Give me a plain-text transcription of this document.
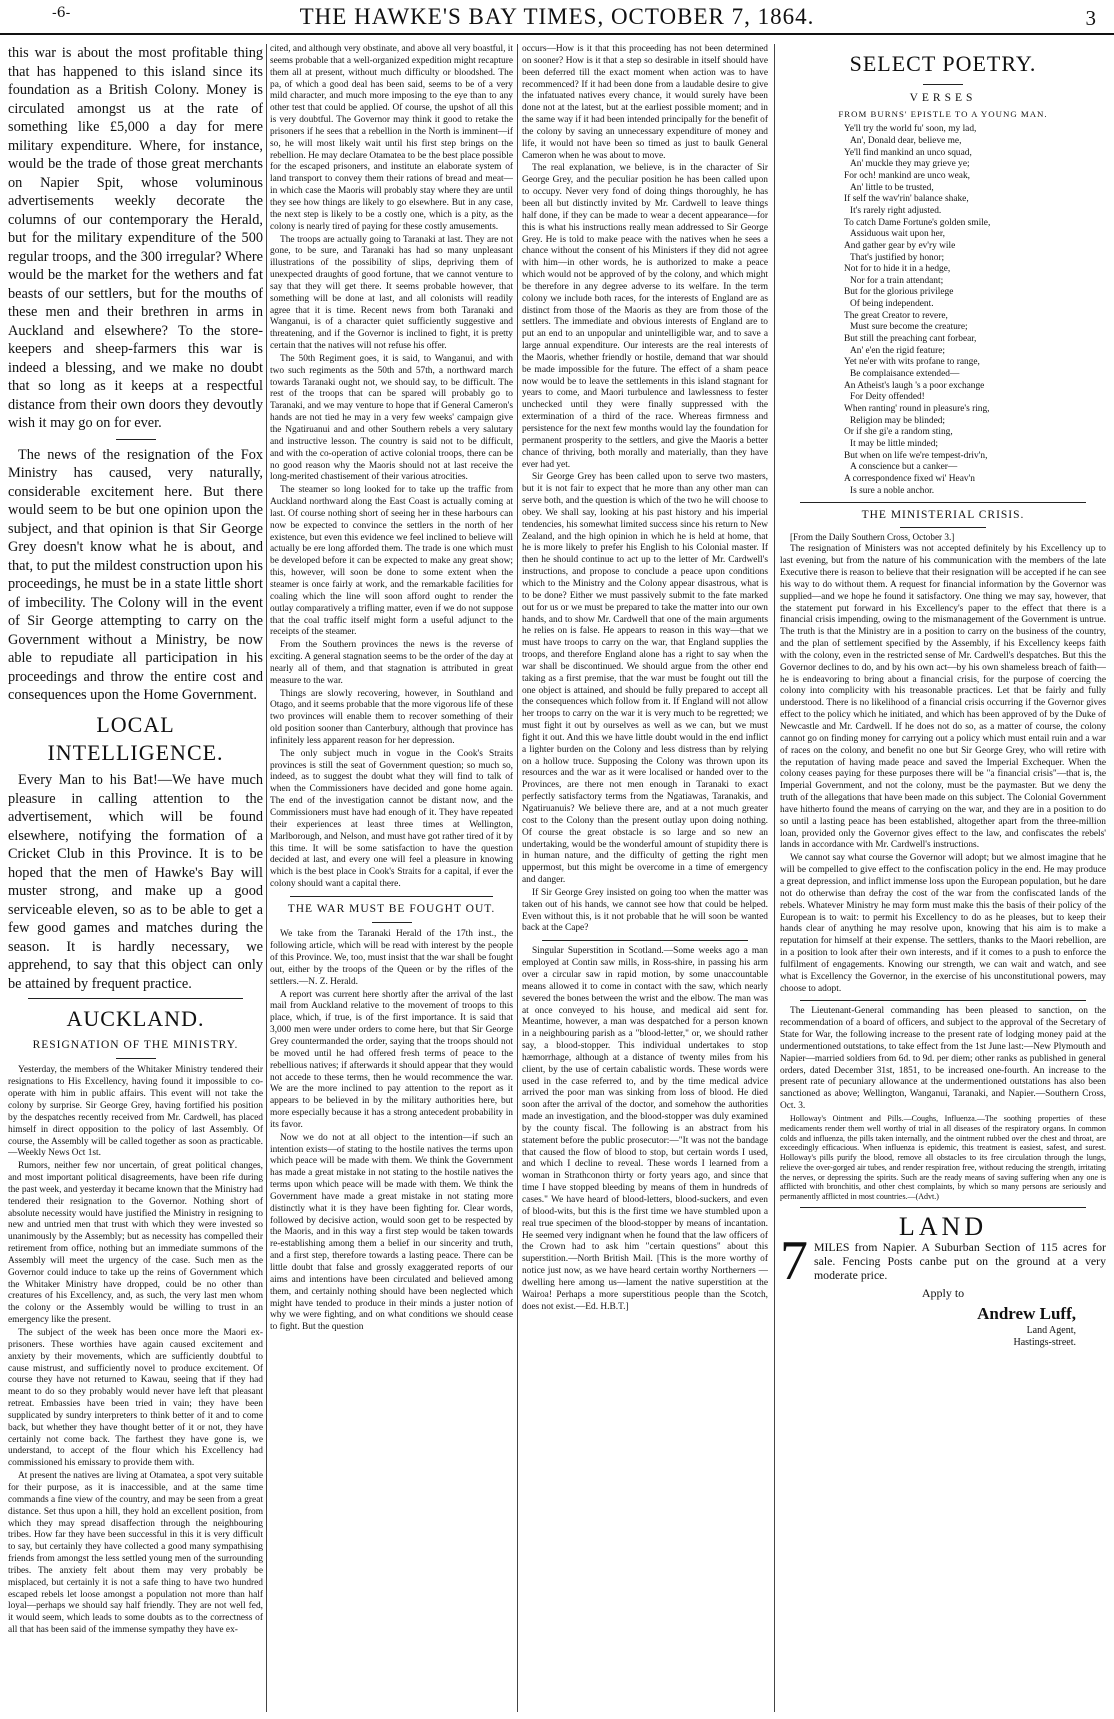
-6-	THE HAWKE'S BAY TIMES, OCTOBER 7, 1864.	3

this war is about the most profitable thing that has happened to this island since its foundation as a British Colony. Money is circulated amongst us at the rate of something like £5,000 a day for mere military expenditure. Where, for instance, would be the trade of those great merchants on Napier Spit, whose voluminous advertisements weekly decorate the columns of our contemporary the Herald, but for the military expenditure of the 500 regular troops, and the 300 irregular? Where would be the market for the wethers and fat beasts of our settlers, but for the mouths of these men and their brethren in arms in Auckland and elsewhere? To the store-keepers and sheep-farmers this war is indeed a blessing, and we make no doubt that so long as it keeps at a respectful distance from their own doors they devoutly wish it may go on for ever.

The news of the resignation of the Fox Ministry has caused, very naturally, considerable excitement here. But there would seem to be but one opinion upon the subject, and that opinion is that Sir George Grey doesn't know what he is about, and that, to put the mildest construction upon his proceedings, he must be in a state little short of imbecility. The Colony will in the event of Sir George attempting to carry on the Government without a Ministry, be now able to repudiate all participation in his proceedings and throw the entire cost and consequences upon the Home Government.

LOCAL INTELLIGENCE.

Every Man to his Bat!—We have much pleasure in calling attention to the advertisement, which will be found elsewhere, notifying the formation of a Cricket Club in this Province. It is to be hoped that the men of Hawke's Bay will muster strong, and make up a good serviceable eleven, so as to be able to get a few good games and matches during the season. It is hardly necessary, we apprehend, to say that this object can only be attained by frequent practice.

AUCKLAND.
RESIGNATION OF THE MINISTRY.

Yesterday, the members of the Whitaker Ministry tendered their resignations to His Excellency, having found it impossible to co-operate with him in public affairs. This event will not take the colony by surprise. Sir George Grey, having fortified his position by the despatches recently received from Mr. Cardwell, has placed himself in direct opposition to the policy of last Assembly. Of course, the Assembly will be called together as soon as practicable.—Weekly News Oct 1st.

Rumors, neither few nor uncertain, of great political changes, and most important political disagreements, have been rife during the past week, and yesterday it became known that the Ministry had tendered their resignation to the Governor. Nothing short of absolute necessity would have justified the Ministry in resigning to new and untried men that trust with which they were invested so unanimously by the Assembly; but as necessity has compelled their retirement from office, nothing but an immediate summons of the Assembly will meet the urgency of the case. Such men as the Governor could induce to take up the reins of Government which the Whitaker Ministry have dropped, could be no other than creatures of his Excellency, and, as such, the very last men whom the colony or the Assembly would be willing to trust in an emergency like the present.

The subject of the week has been once more the Maori ex-prisoners. These worthies have again caused excitement and anxiety by their movements, which are sufficiently doubtful to cause mistrust, and sufficiently novel to produce excitement. Of course they have not returned to Kawau, seeing that if they had meant to do so they probably would never have left that pleasant retreat. Embassies have been tried in vain; they have been supplicated by sundry interpreters to think better of it and to come back, but whether they have thought better of it or not, they have certainly not come back. The farthest they have gone is, we understand, to accept of the flour which his Excellency had commissioned his emissary to provide them with.

At present the natives are living at Otamatea, a spot very suitable for their purpose, as it is inaccessible, and at the same time commands a fine view of the country, and may be seen from a great distance. Set thus upon a hill, they hold an excellent position, from which they may spread disaffection through the neighbouring tribes. How far they have been successful in this it is very difficult to say, but certainly they have collected a good many sympathising friends from amongst the less settled young men of the surrounding tribes. The anxiety felt about them may very probably be misplaced, but certainly it is not a safe thing to have two hundred escaped rebels let loose amongst a population not more than half loyal—perhaps we should say half friendly. They are not well fed, it would seem, which leads to some doubts as to the correctness of all that has been said of the immense sympathy they have ex-

cited, and although very obstinate, and above all very boastful, it seems probable that a well-organized expedition might recapture them all at present, without much difficulty or bloodshed. The pa, of which a good deal has been said, seems to be of a very mild character, and much more imposing to the eye than to any other test that could be applied. Of course, the upshot of all this is very doubtful. The Governor may think it good to retake the prisoners if he sees that a rebellion in the North is imminent—if so, he will most likely wait until his first step brings on the rebellion. He may declare Otamatea to be the best place possible for the escaped prisoners, and institute an elaborate system of land transport to convey them their rations of bread and meat—in which case the Maoris will probably stay where they are until they see how things are likely to go elsewhere. But in any case, the next step is likely to be a costly one, which is a pity, as the colony is nearly tired of paying for these costly amusements.

The troops are actually going to Taranaki at last. They are not gone, to be sure, and Taranaki has had so many unpleasant illustrations of the possibility of slips, depriving them of unexpected draughts of good fortune, that we cannot venture to say that they will get there. It seems probable however, that something will be done at last, and all colonists will readily agree that it is time. Recent news from both Taranaki and Wanganui, is of a character quiet sufficiently suggestive and threatening, and if the Governor is inclined to fight, it is pretty certain that the natives will not refuse his offer.

The 50th Regiment goes, it is said, to Wanganui, and with two such regiments as the 50th and 57th, a northward march towards Taranaki ought not, we should say, to be difficult. The rest of the troops that can be spared will probably go to Taranaki, and we may venture to hope that if General Cameron's hands are not tied he may in a very few weeks' campaign give the Ngatiruanui and and other Southern rebels a very salutary and instructive lesson. The country is said not to be difficult, and with the co-operation of active colonial troops, there can be no good reason why the Maoris should not at last receive the long-merited chastisement of their various atrocities.

The steamer so long looked for to take up the traffic from Auckland northward along the East Coast is actually coming at last. Of course nothing short of seeing her in these harbours can now be expected to convince the settlers in the north of her existence, but even this evidence we feel inclined to believe will actually be ere long afforded them. The trade is one which must be developed before it can be expected to make any great show; this, however, will soon be done to some extent when the steamer is once fairly at work, and the remarkable facilities for coaling which the line will soon afford ought to render the outlay comparatively a trifling matter, even if we do not suppose that the coal traffic itself might form a useful adjunct to the receipts of the steamer.

From the Southern provinces the news is the reverse of exciting. A general stagnation seems to be the order of the day at nearly all of them, and that stagnation is attributed in great measure to the war.

Things are slowly recovering, however, in Southland and Otago, and it seems probable that the more vigorous life of these two provinces will enable them to recover something of their old position sooner than Canterbury, although that province has infinitely less apparent reason for her depression.

The only subject much in vogue in the Cook's Straits provinces is still the seat of Government question; so much so, indeed, as to suggest the doubt what they will find to talk of when the Commissioners have decided and gone home again. The end of the investigation cannot be distant now, and the Commissioners must have had enough of it. They have repeated their experiences at least three times at Wellington, Marlborough, and Nelson, and must have got rather tired of it by this time. It will be some satisfaction to have the question decided at last, and every one will feel a pleasure in knowing which is the best place in Cook's Straits for a capital, if ever the colony should want a capital there.

THE WAR MUST BE FOUGHT OUT.

We take from the Taranaki Herald of the 17th inst., the following article, which will be read with interest by the people of this Province. We, too, must insist that the war shall be fought out, either by the troops of the Queen or by the rifles of the settlers.—N. Z. Herald.

A report was current here shortly after the arrival of the last mail from Auckland relative to the movement of troops to this place, which, if true, is of the first importance. It is said that 3,000 men were under orders to come here, but that Sir George Grey countermanded the order, saying that the troops should not be moved until he had offered fresh terms of peace to the rebellious natives; if afterwards it should appear that they would not accede to these terms, then he would recommence the war. We are the more inclined to pay attention to the report as it appears to be believed in by the military authorities here, but more especially because it has a strong antecedent probability in its favor.

Now we do not at all object to the intention—if such an intention exists—of stating to the hostile natives the terms upon which peace will be made with them. We think the Government has made a great mistake in not stating to the hostile natives the terms upon which peace will be made with them. We think the Government have made a great mistake in not stating more distinctly what it is they have been fighting for. Clear words, followed by decisive action, would soon get to be respected by the Maoris, and in this way a first step would be taken towards re-establishing among them a belief in our sincerity and truth, and a first step, therefore towards a lasting peace. There can be little doubt that false and grossly exaggerated reports of our aims and intentions have been circulated and believed among them, and certainly nothing should have been neglected which might have tended to produce in their minds a juster notion of why we were fighting, and on what conditions we should cease to fight. But the question

occurs—How is it that this proceeding has not been determined on sooner? How is it that a step so desirable in itself should have been deferred till the exact moment when action was to have recommenced? If it had been done from a laudable desire to give the infatuated natives every chance, it would surely have been done not at the latest, but at the earliest possible moment; and in the same way if it had been intended principally for the benefit of the colony by saving an unnecessary expenditure of money and life, it would not have been so timed as just to baulk General Cameron when he was about to move.

The real explanation, we believe, is in the character of Sir George Grey, and the peculiar position he has been called upon to occupy. Never very fond of doing things thoroughly, he has been all but distinctly invited by Mr. Cardwell to leave things half done, if they can be made to wear a decent appearance—for this is what his instructions really mean addressed to Sir George Grey. He is told to make peace with the natives when he sees a chance without the consent of his Ministers if they did not agree with him—in other words, he is authorized to make a peace which would not be approved of by the colony, and which might be therefore in any degree adverse to its welfare. In the term colony we include both races, for the interests of England are as distinct from those of the Maoris as they are from those of the settlers. The immediate and obvious interests of England are to put an end to an unpopular and unintelligible war, and to save a large annual expenditure. Our interests are the real interests of the Maoris, whether friendly or hostile, demand that war should be made impossible for the future. The effect of a sham peace now would be to leave the settlements in this island stagnant for years to come, and Maori turbulence and lawlessness to fester unchecked until they were finally suppressed with the extermination of a third of the race. Whereas firmness and persistence for the next few months would lay the foundation for permanent prosperity to the settlers, and give the Maoris a better chance of thriving, both morally and materially, than they have ever had yet.

Sir George Grey has been called upon to serve two masters, but it is not fair to expect that he more than any other man can serve both, and the question is which of the two he will choose to obey. We shall say, looking at his past history and his imperial tendencies, his somewhat limited success since his return to New Zealand, and the high opinion in which he is held at home, that he is more likely to prefer his English to his Colonial master. If then he should continue to act up to the letter of Mr. Cardwell's instructions, and propose to conclude a peace upon conditions which to the Ministry and the Colony appear disastrous, what is to be done? Either we must passively submit to the fate marked out for us or we must be prepared to take the matter into our own hands, and to show Mr. Cardwell that one of the main arguments he relies on is false. He appears to reason in this way—that we must have troops to carry on the war, that England supplies the troops, and therefore England alone has a right to say when the war shall be discontinued. We should argue from the other end taking as a first premise, that the war must be fought out till the one object is attained, and should be fully prepared to accept all the consequences which follow from it. If England will not allow her troops to carry on the war it is very much to be regretted; we must fight it out by ourselves as well as we can, but we must fight it out. And this we have little doubt would in the end inflict a lighter burden on the Colony and less distress than by relying on a hollow truce. Supposing the Colony was thrown upon its resources and the war as it were localised or handed over to the Provinces, are there not men enough in Taranaki to exact perfectly satisfactory terms from the Ngatiawas, Taranakis, and Ngatiruanuis? We believe there are, and at a not much greater cost to the Colony than the present outlay upon doing nothing. Of course the great obstacle is so large and so new an undertaking, would be the wonderful amount of stupidity there is in human nature, and the difficulty of getting the right men uppermost, but this might be overcome in a time of emergency and danger.

If Sir George Grey insisted on going too when the matter was taken out of his hands, we cannot see how that could be helped. Even without this, is it not probable that he will soon be wanted back at the Cape?

Singular Superstition in Scotland.—Some weeks ago a man employed at Contin saw mills, in Ross-shire, in passing his arm over a circular saw in rapid motion, by some unaccountable means allowed it to come in contact with the saw, which nearly severed the bones between the wrist and the elbow. The man was at once conveyed to his house, and medical aid sent for. Meantime, however, a man was despatched for a person known in a neighbouring parish as a "blood-letter," or, we should rather say, a blood-stopper. This individual undertakes to stop hæmorrhage, although at a distance of twenty miles from his client, by the use of certain cabalistic words. These words were used in the case referred to, and by the time medical advice arrived the poor man was sinking from loss of blood. He died soon after the arrival of the doctor, and somehow the authorities made an investigation, and the blood-stopper was duly examined by the county fiscal. The following is an abstract from his statement before the public prosecutor:—"It was not the bandage that caused the flow of blood to stop, but certain words I used, and which I decline to reveal. These words I learned from a woman in Strathconon thirty or forty years ago, and since that time I have stopped bleeding by means of them in hundreds of cases." We have heard of blood-letters, blood-suckers, and even of blood-wits, but this is the first time we have stumbled upon a real true specimen of the blood-stopper by means of incantation. He seemed very indignant when he found that the law officers of the Crown had to ask him "certain questions" about this superstition.—North British Mail. [This is the more worthy of notice just now, as we have heard certain worthy Northerners —dwelling here among us—lament the native superstition at the Wairoa! Perhaps a more superstitious people than the Scotch, does not exist.—Ed. H.B.T.]

SELECT POETRY.
VERSES
FROM BURNS' EPISTLE TO A YOUNG MAN.
Ye'll try the world fu' soon, my lad,
An', Donald dear, believe me,
Ye'll find mankind an unco squad,
An' muckle they may grieve ye;
For och! mankind are unco weak,
An' little to be trusted,
If self the wav'rin' balance shake,
It's rarely right adjusted.
To catch Dame Fortune's golden smile,
Assiduous wait upon her,
And gather gear by ev'ry wile
That's justified by honor;
Not for to hide it in a hedge,
Nor for a train attendant;
But for the glorious privilege
Of being independent.
The great Creator to revere,
Must sure become the creature;
But still the preaching cant forbear,
An' e'en the rigid feature;
Yet ne'er with wits profane to range,
Be complaisance extended—
An Atheist's laugh 's a poor exchange
For Deity offended!
When ranting' round in pleasure's ring,
Religion may be blinded;
Or if she gi'e a random sting,
It may be little minded;
But when on life we're tempest-driv'n,
A conscience but a canker—
A correspondence fixed wi' Heav'n
Is sure a noble anchor.
THE MINISTERIAL CRISIS.

[From the Daily Southern Cross, October 3.]

The resignation of Ministers was not accepted definitely by his Excellency up to last evening, but from the nature of his communication with the members of the late Executive there is reason to believe that their resignation will be accepted if he can see his way to do without them. A request for financial information by the Governor was supplied—and we hope he found it satisfactory. One thing we may say, however, that the statement put forward in his Excellency's paper to the effect that there is a financial crisis impending, owing to the mismanagement of the Government is untrue. The truth is that the Ministry are in a position to carry on the business of the country, and the plan of settlement specified by the Assembly, if his Excellency keeps faith with the colony, even in the restricted sense of Mr. Cardwell's despatches. But this the Governor declines to do, and by his own act—by his own shameless breach of faith—he is endeavoring to bring about a financial crisis, for the purpose of coercing the colony into complicity with his treasonable practices. Let that be fairly and fully understood. There is no likelihood of a financial crisis occurring if the Governor gives effect to the policy which he initiated, and which has been approved of by the Duke of Newcastle and Mr. Cardwell. If he does not do so, as a matter of course, the colony cannot go on finding money for carrying out a policy which must entail ruin and a war of races on the colony, and benefit no one but Sir George Grey, who will retire with the reputation of having made peace and saved the Imperial Exchequer. When the colony ceases paying for these purposes there will be "a financial crisis"—that is, the Imperial Government, and not the colony, must be the paymaster. But we deny the truth of the allegations that have been made on this subject. The Colonial Government have hitherto found the means of carrying on the war, and they are in a position to do so until a lasting peace has been established, altogether apart from the three-million loan, provided only the Governor gives effect to the law, and confiscates the rebels' lands in accordance with Mr. Cardwell's instructions.

We cannot say what course the Governor will adopt; but we almost imagine that he will be compelled to give effect to the confiscation policy in the end. He may produce a great depression, and inflict immense loss upon the European population, but he dare not do otherwise than defray the cost of the war from the confiscated lands of the rebels. Whatever Ministry he may form must make this the basis of their policy of the European is to wait: to permit his Excellency to do as he pleases, but to keep their hands clear of anything he may resolve upon, knowing that his aim is to make a reputation for himself at their expense. The settlers, thanks to the Maori rebellion, are in a position to look after their own interests, and if it comes to a push to enforce the fulfilment of engagements. Knowing our strength, we can wait and watch, and see what is Excellency the Governor, in the exercise of his unconstitutional powers, may choose to adopt.

The Lieutenant-General commanding has been pleased to sanction, on the recommendation of a board of officers, and subject to the approval of the Secretary of State for War, the following increase to the present rate of lodging money paid at the undermentioned outstations, to take effect from the 1st June last:—New Plymouth and Napier—married soldiers from 6d. to 9d. per diem; other ranks as published in general orders, dated December 31st, 1851, to be increased one-fourth. An increase to the present rate of pecuniary allowance at the undermentioned outstations has also been sanctioned as above; Wellington, Wanganui, Taranaki, and Napier.—Southern Cross, Oct. 3.

Holloway's Ointment and Pills.—Coughs, Influenza.—The soothing properties of these medicaments render them well worthy of trial in all diseases of the respiratory organs. In common colds and influenza, the pills taken internally, and the ointment rubbed over the chest and throat, are exceedingly efficacious. When influenza is epidemic, this treatment is easiest, safest, and surest. Holloway's pills purify the blood, remove all obstacles to its free circulation through the lungs, relieve the over-gorged air tubes, and render respiration free, without reducing the strength, irritating the nerves, or depressing the spirits. Such are the ready means of saving suffering when any one is afflicted with bronchitis, and other chest complaints, by which so many persons are seriously and permanently afflicted in most countries.—(Advt.)

LAND
7 MILES from Napier. A Suburban Section of 115 acres for sale. Fencing Posts canbe put on the ground at a very moderate price.
Apply to
Andrew Luff,
Land Agent,
Hastings-street.
